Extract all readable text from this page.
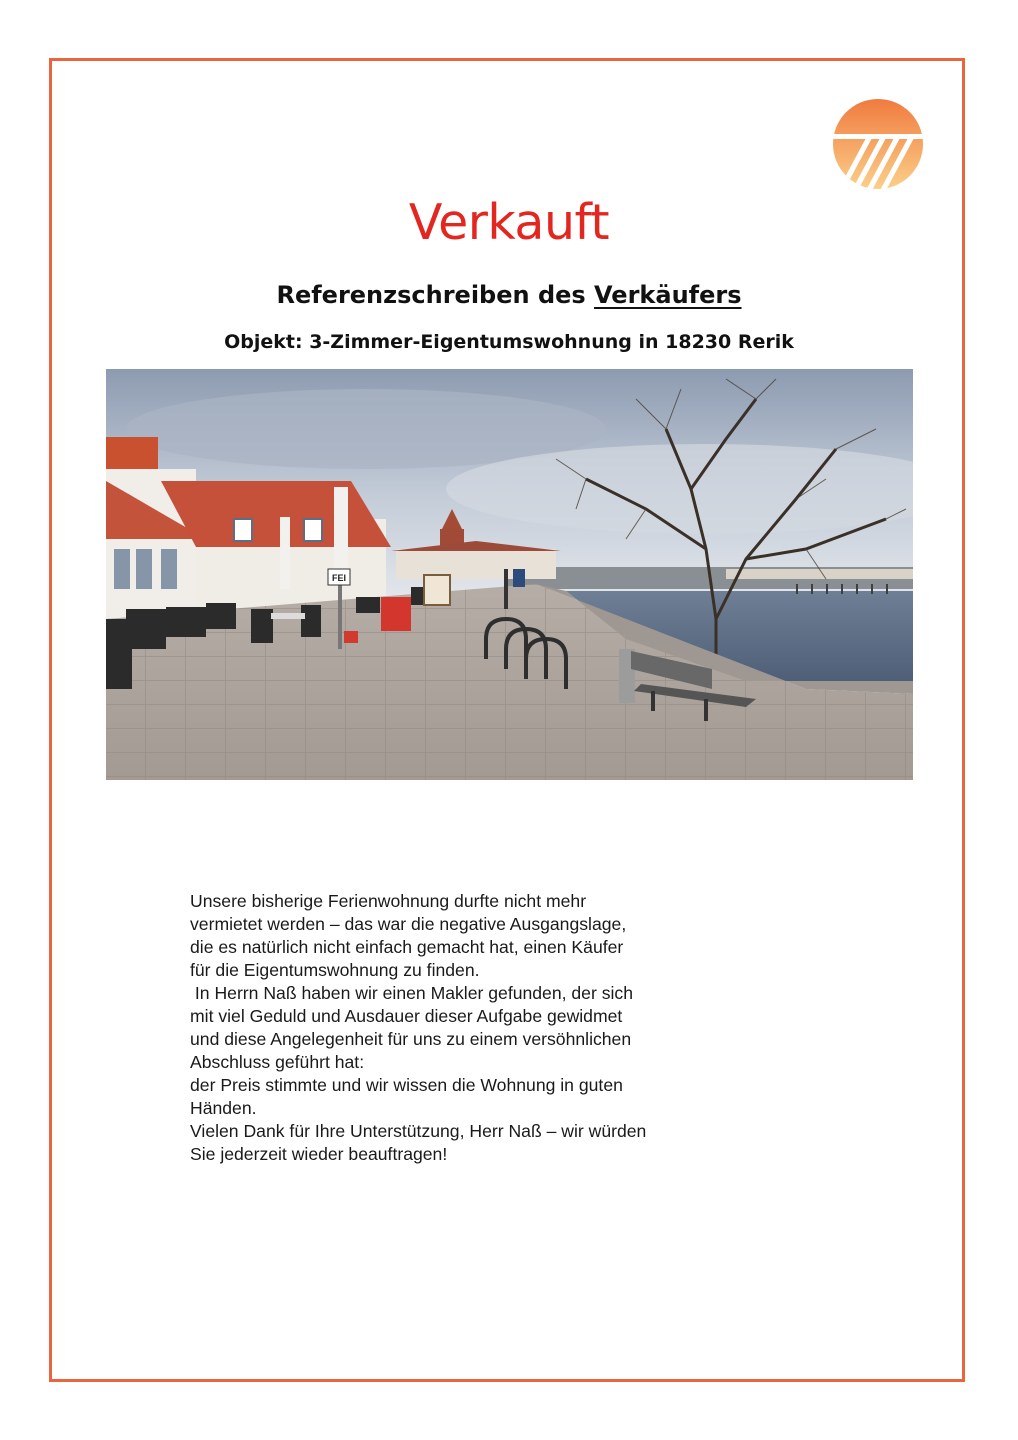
Verkauft
Referenzschreiben des Verkäufers
Objekt: 3-Zimmer-Eigentumswohnung in 18230 Rerik
FEI
Unsere bisherige Ferienwohnung durfte nicht mehr
vermietet werden – das war die negative Ausgangslage,
die es natürlich nicht einfach gemacht hat, einen Käufer
für die Eigentumswohnung zu finden.
In Herrn Naß haben wir einen Makler gefunden, der sich
mit viel Geduld und Ausdauer dieser Aufgabe gewidmet
und diese Angelegenheit für uns zu einem versöhnlichen
Abschluss geführt hat:
der Preis stimmte und wir wissen die Wohnung in guten
Händen.
Vielen Dank für Ihre Unterstützung, Herr Naß – wir würden
Sie jederzeit wieder beauftragen!
